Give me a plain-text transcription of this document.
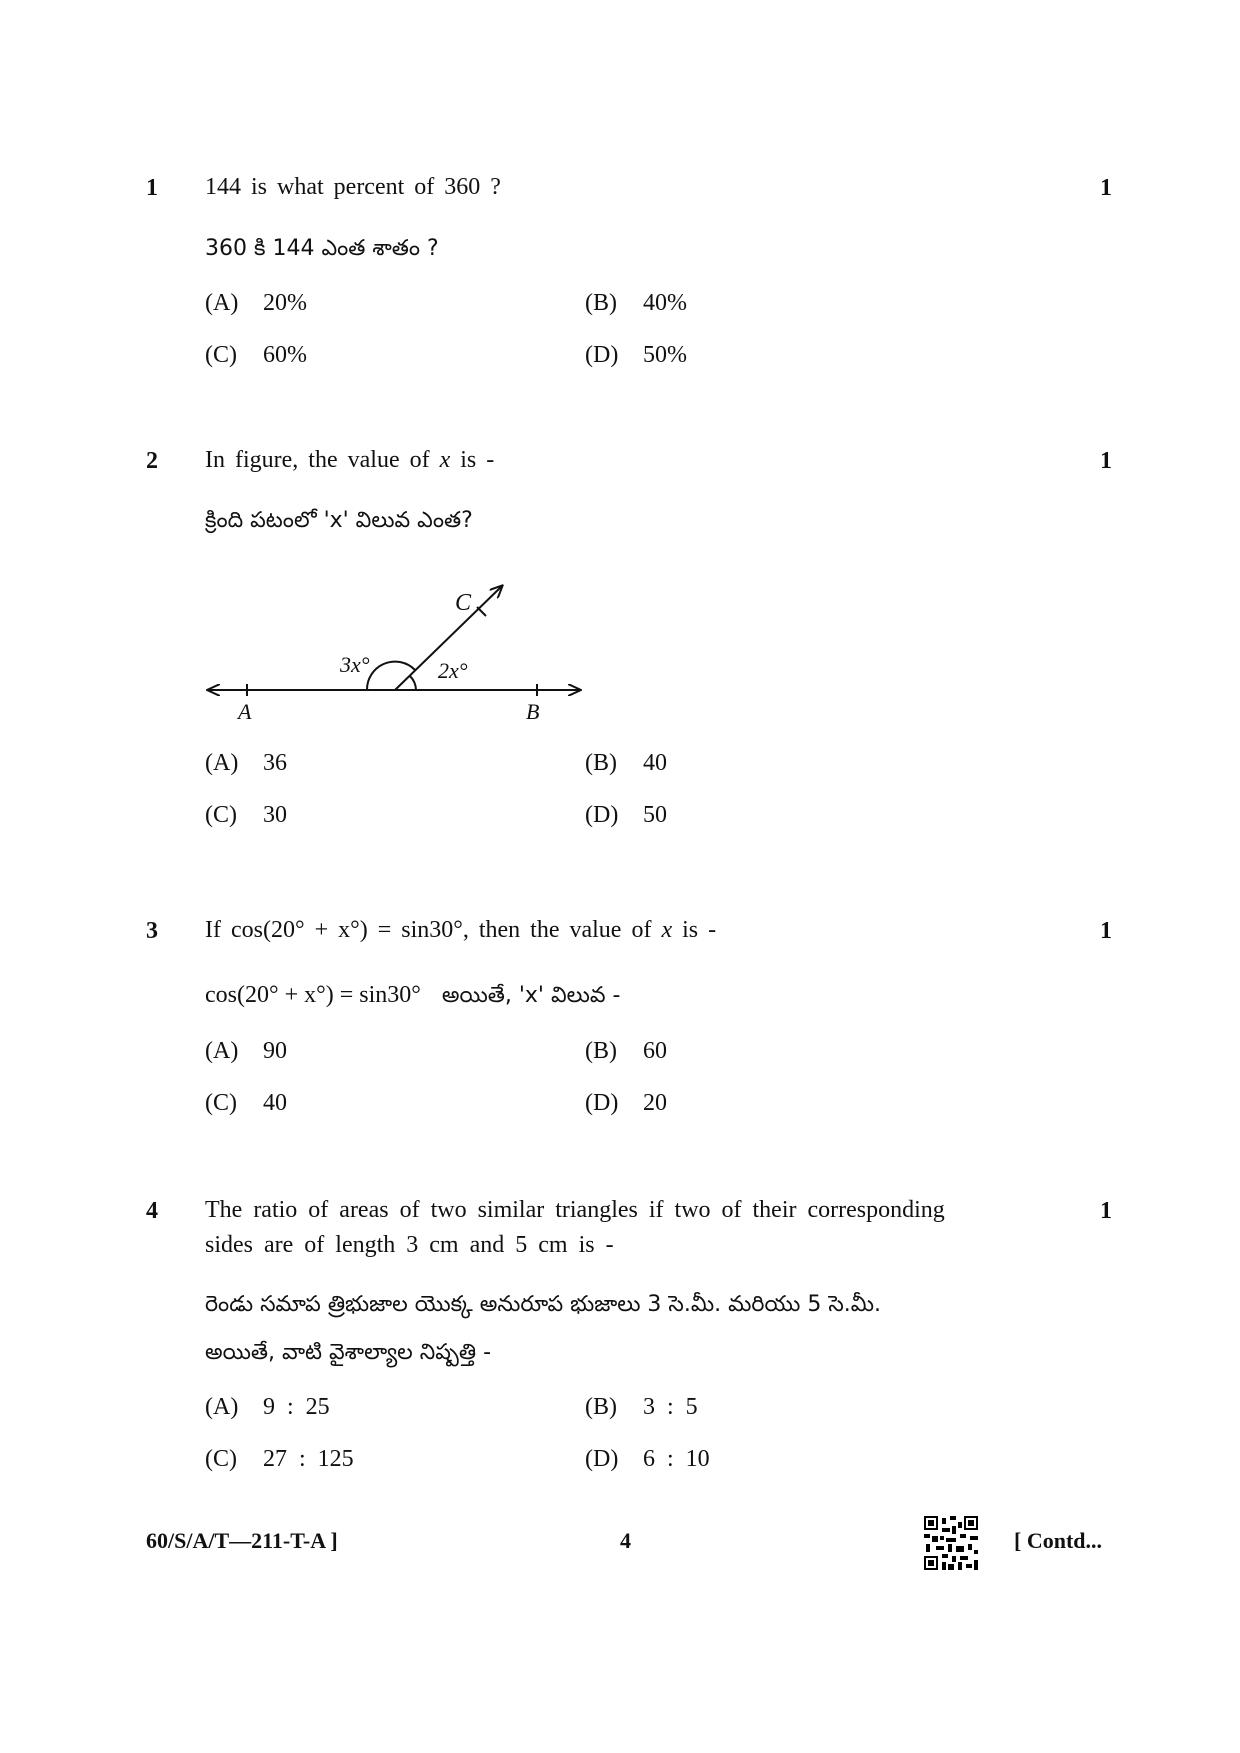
1 144 is what percent of 360 ?	1
360 కి 144 ఎంత శాతం ?
(A) 20%	(B) 40%
(C) 60%	(D) 50%
2 In figure, the value of x is -	1
క్రింది పటంలో 'x' విలువ ఎంత?
C
A	B
3x°	2x°
(A) 36	(B) 40
(C) 30	(D) 50
3 If cos(20° + x°) = sin30°, then the value of x is -	1
cos(20° + x°) = sin30° అయితే, 'x' విలువ -
(A) 90	(B) 60
(C) 40	(D) 20
4 The ratio of areas of two similar triangles if two of their corresponding
sides are of length 3 cm and 5 cm is -
1
రెండు సమాప త్రిభుజాల యొక్క అనురూప భుజాలు 3 సె.మీ. మరియు 5 సె.మీ.
అయితే, వాటి వైశాల్యాల నిష్పత్తి -
(A) 9 : 25	(B) 3 : 5
(C) 27 : 125	(D) 6 : 10
60/S/A/T—211-T-A ]	4	[ Contd...
